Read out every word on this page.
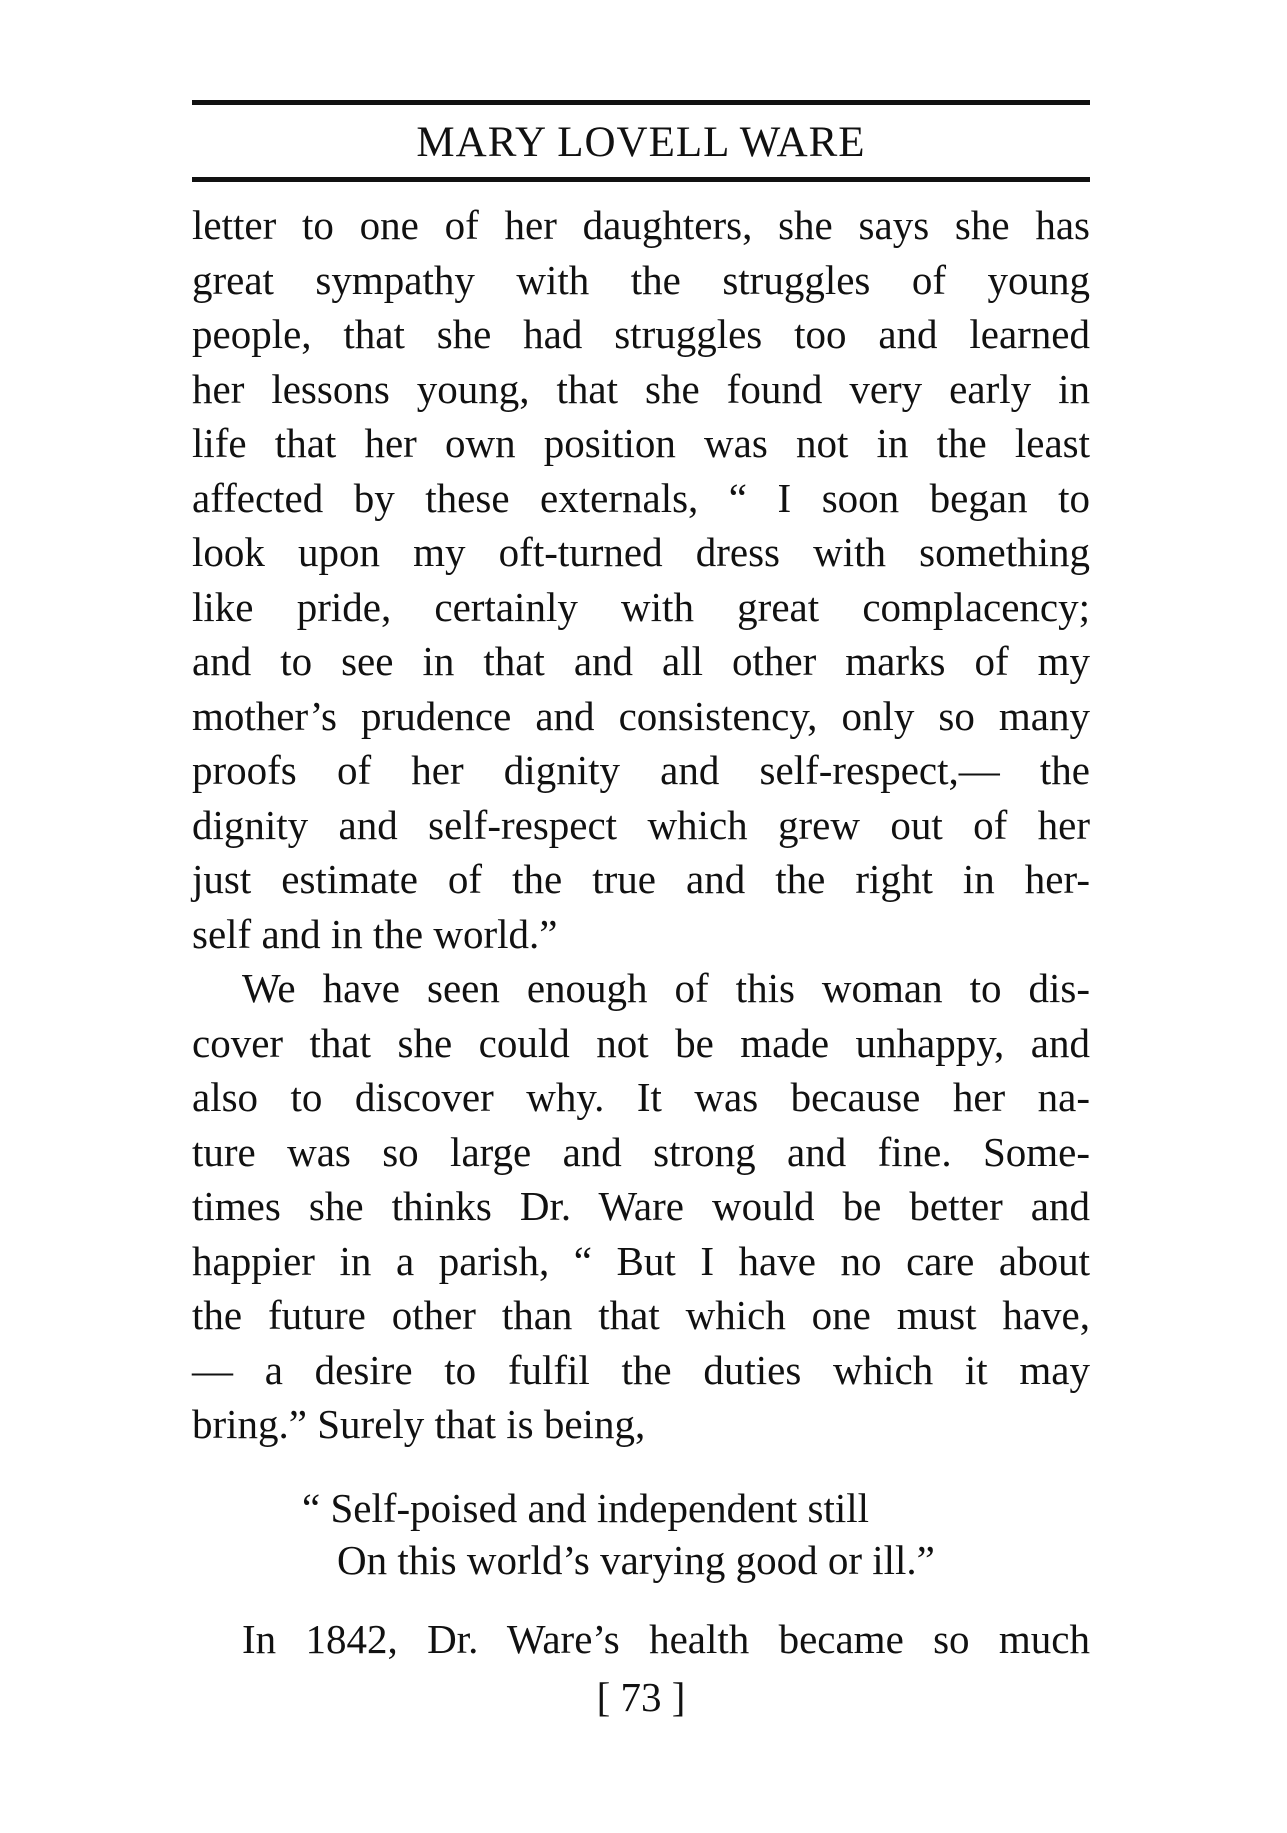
MARY LOVELL WARE
letter to one of her daughters, she says she has
great sympathy with the struggles of young
people, that she had struggles too and learned
her lessons young, that she found very early in
life that her own position was not in the least
affected by these externals, “ I soon began to
look upon my oft-turned dress with something
like pride, certainly with great complacency;
and to see in that and all other marks of my
mother’s prudence and consistency, only so many
proofs of her dignity and self-respect,— the
dignity and self-respect which grew out of her
just estimate of the true and the right in her-
self and in the world.”
We have seen enough of this woman to dis-
cover that she could not be made unhappy, and
also to discover why. It was because her na-
ture was so large and strong and fine. Some-
times she thinks Dr. Ware would be better and
happier in a parish, “ But I have no care about
the future other than that which one must have,
— a desire to fulfil the duties which it may
bring.” Surely that is being,
“ Self-poised and independent still
On this world’s varying good or ill.”
In 1842, Dr. Ware’s health became so much
[ 73 ]
